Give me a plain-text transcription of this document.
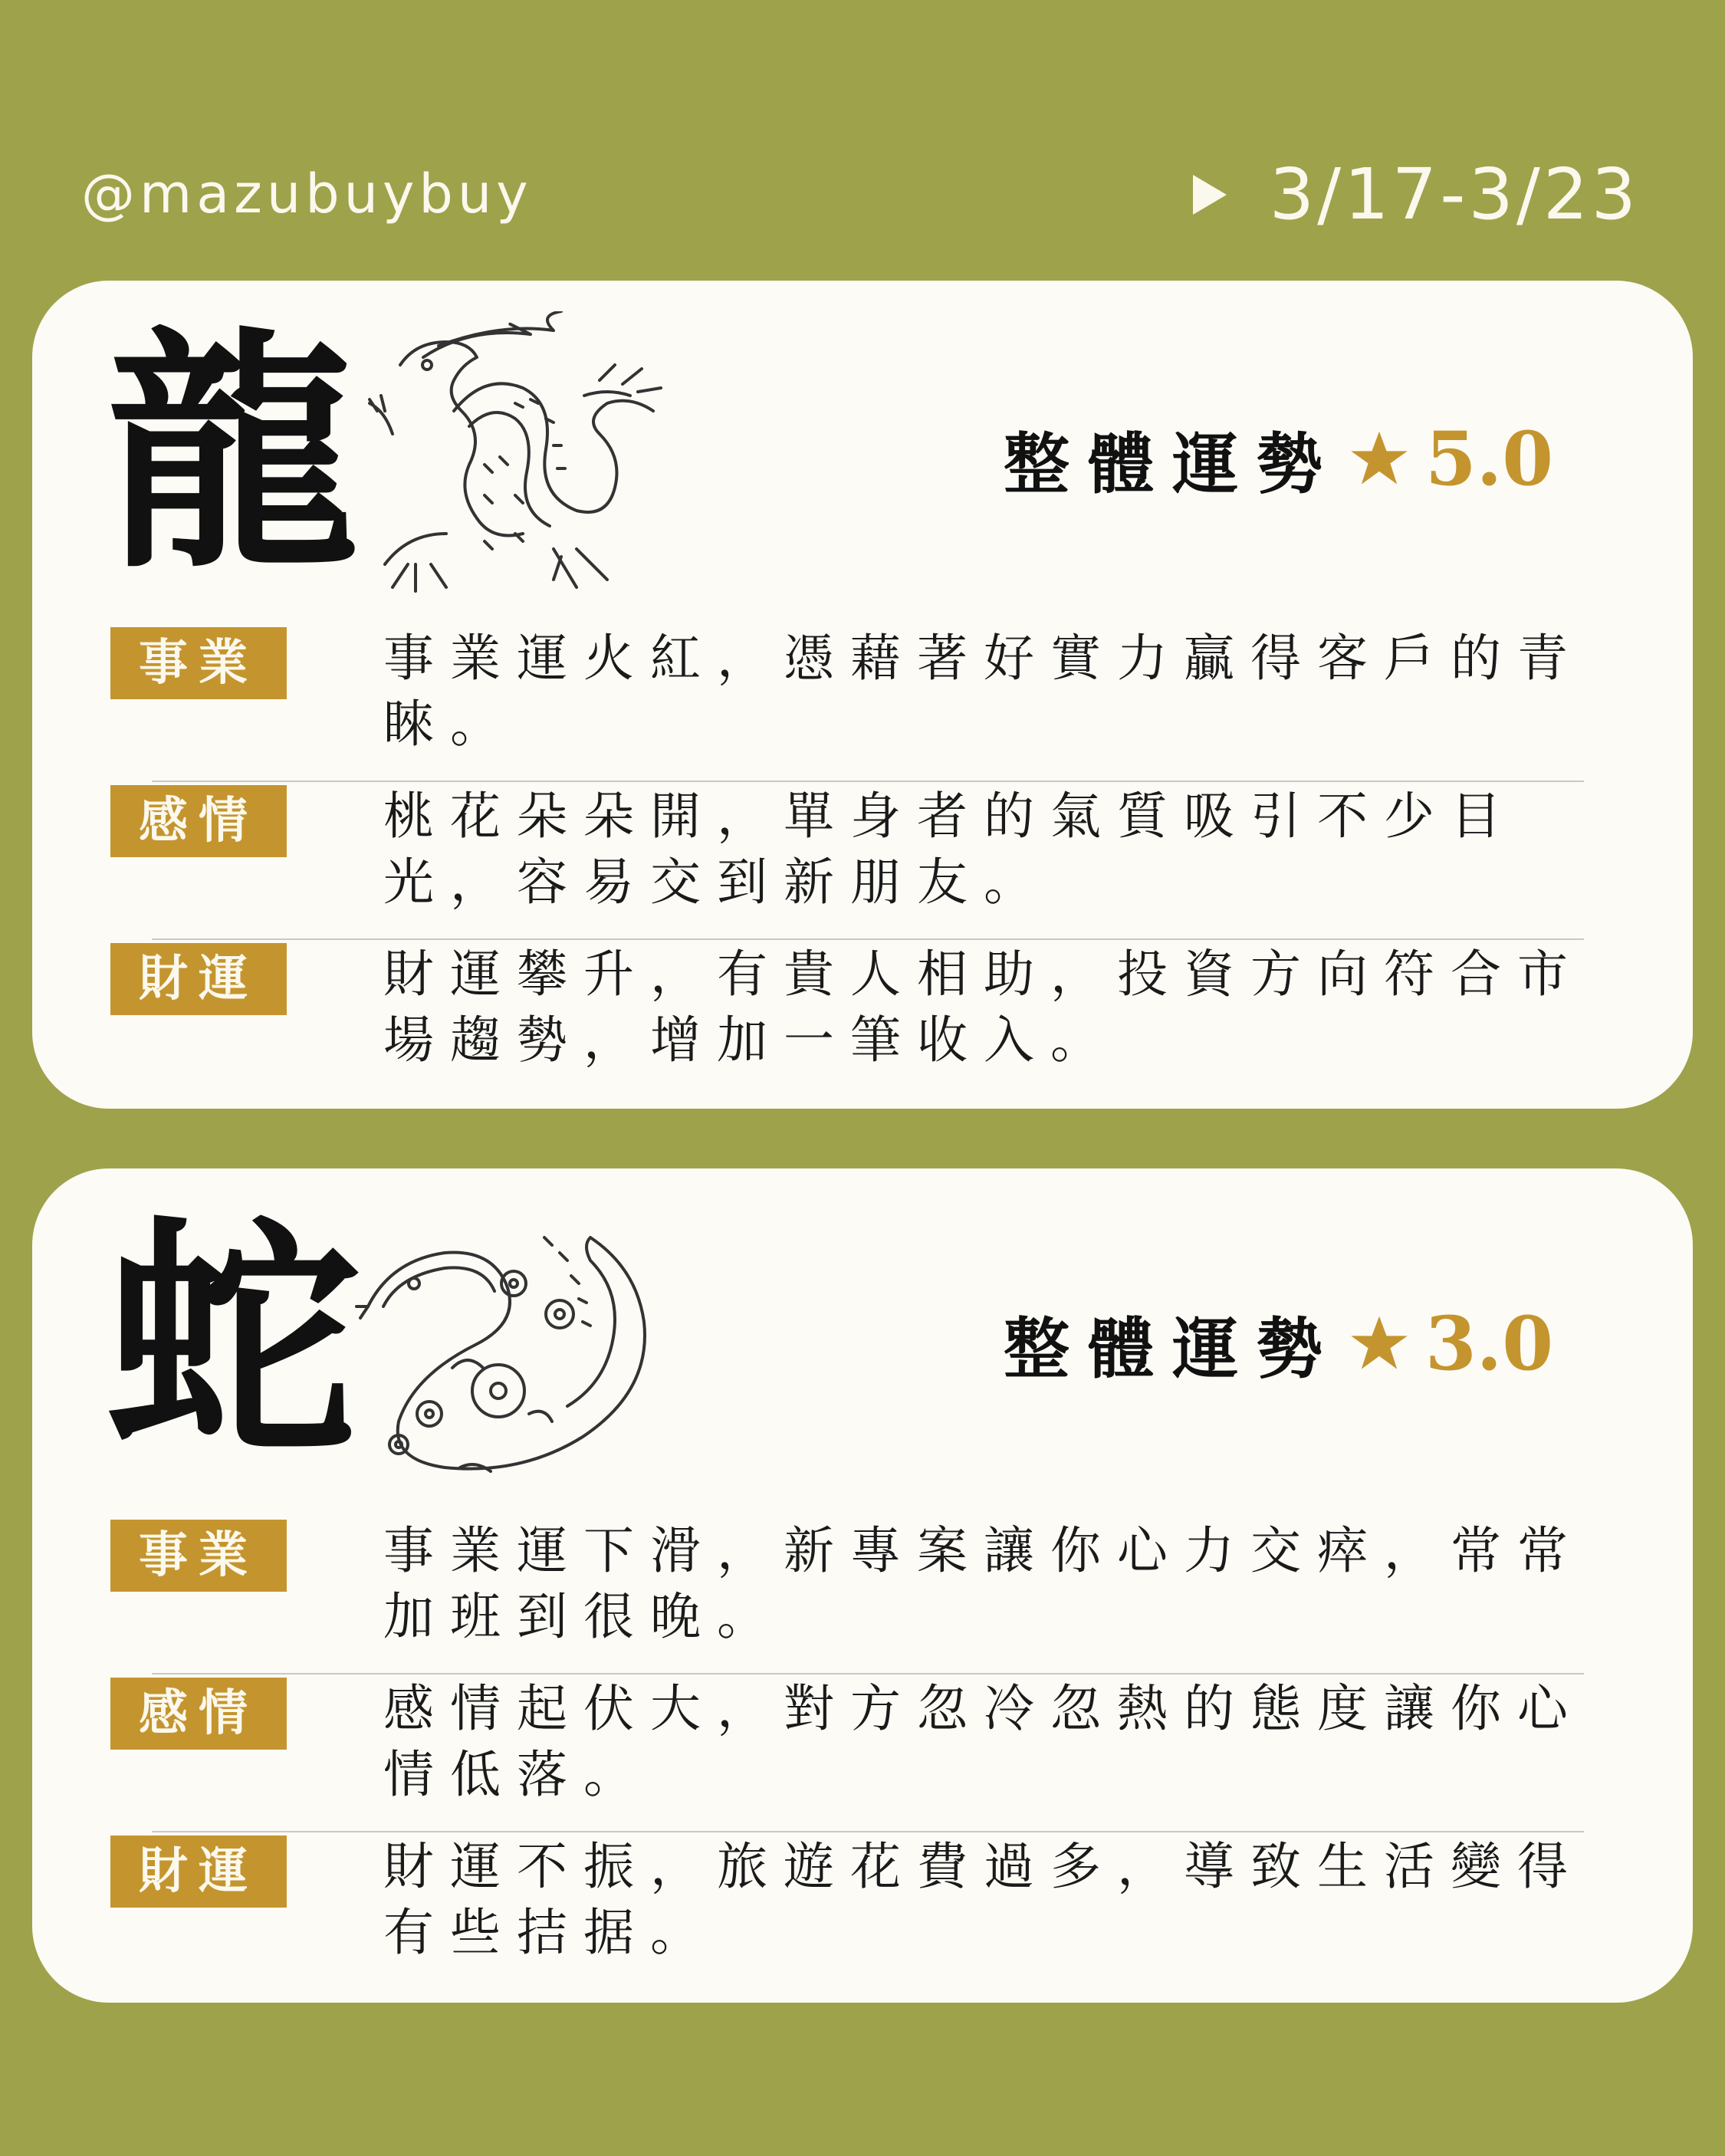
@mazubuybuy	3/17-3/23
龍	整體運勢 5.0
事業	事業運火紅，憑藉著好實力贏得客戶的青睞。
感情	桃花朵朵開，單身者的氣質吸引不少目光，容易交到新朋友。
財運	財運攀升，有貴人相助，投資方向符合市場趨勢，增加一筆收入。
蛇	整體運勢 3.0
事業	事業運下滑，新專案讓你心力交瘁，常常加班到很晚。
感情	感情起伏大，對方忽冷忽熱的態度讓你心情低落。
財運	財運不振，旅遊花費過多，導致生活變得有些拮据。
